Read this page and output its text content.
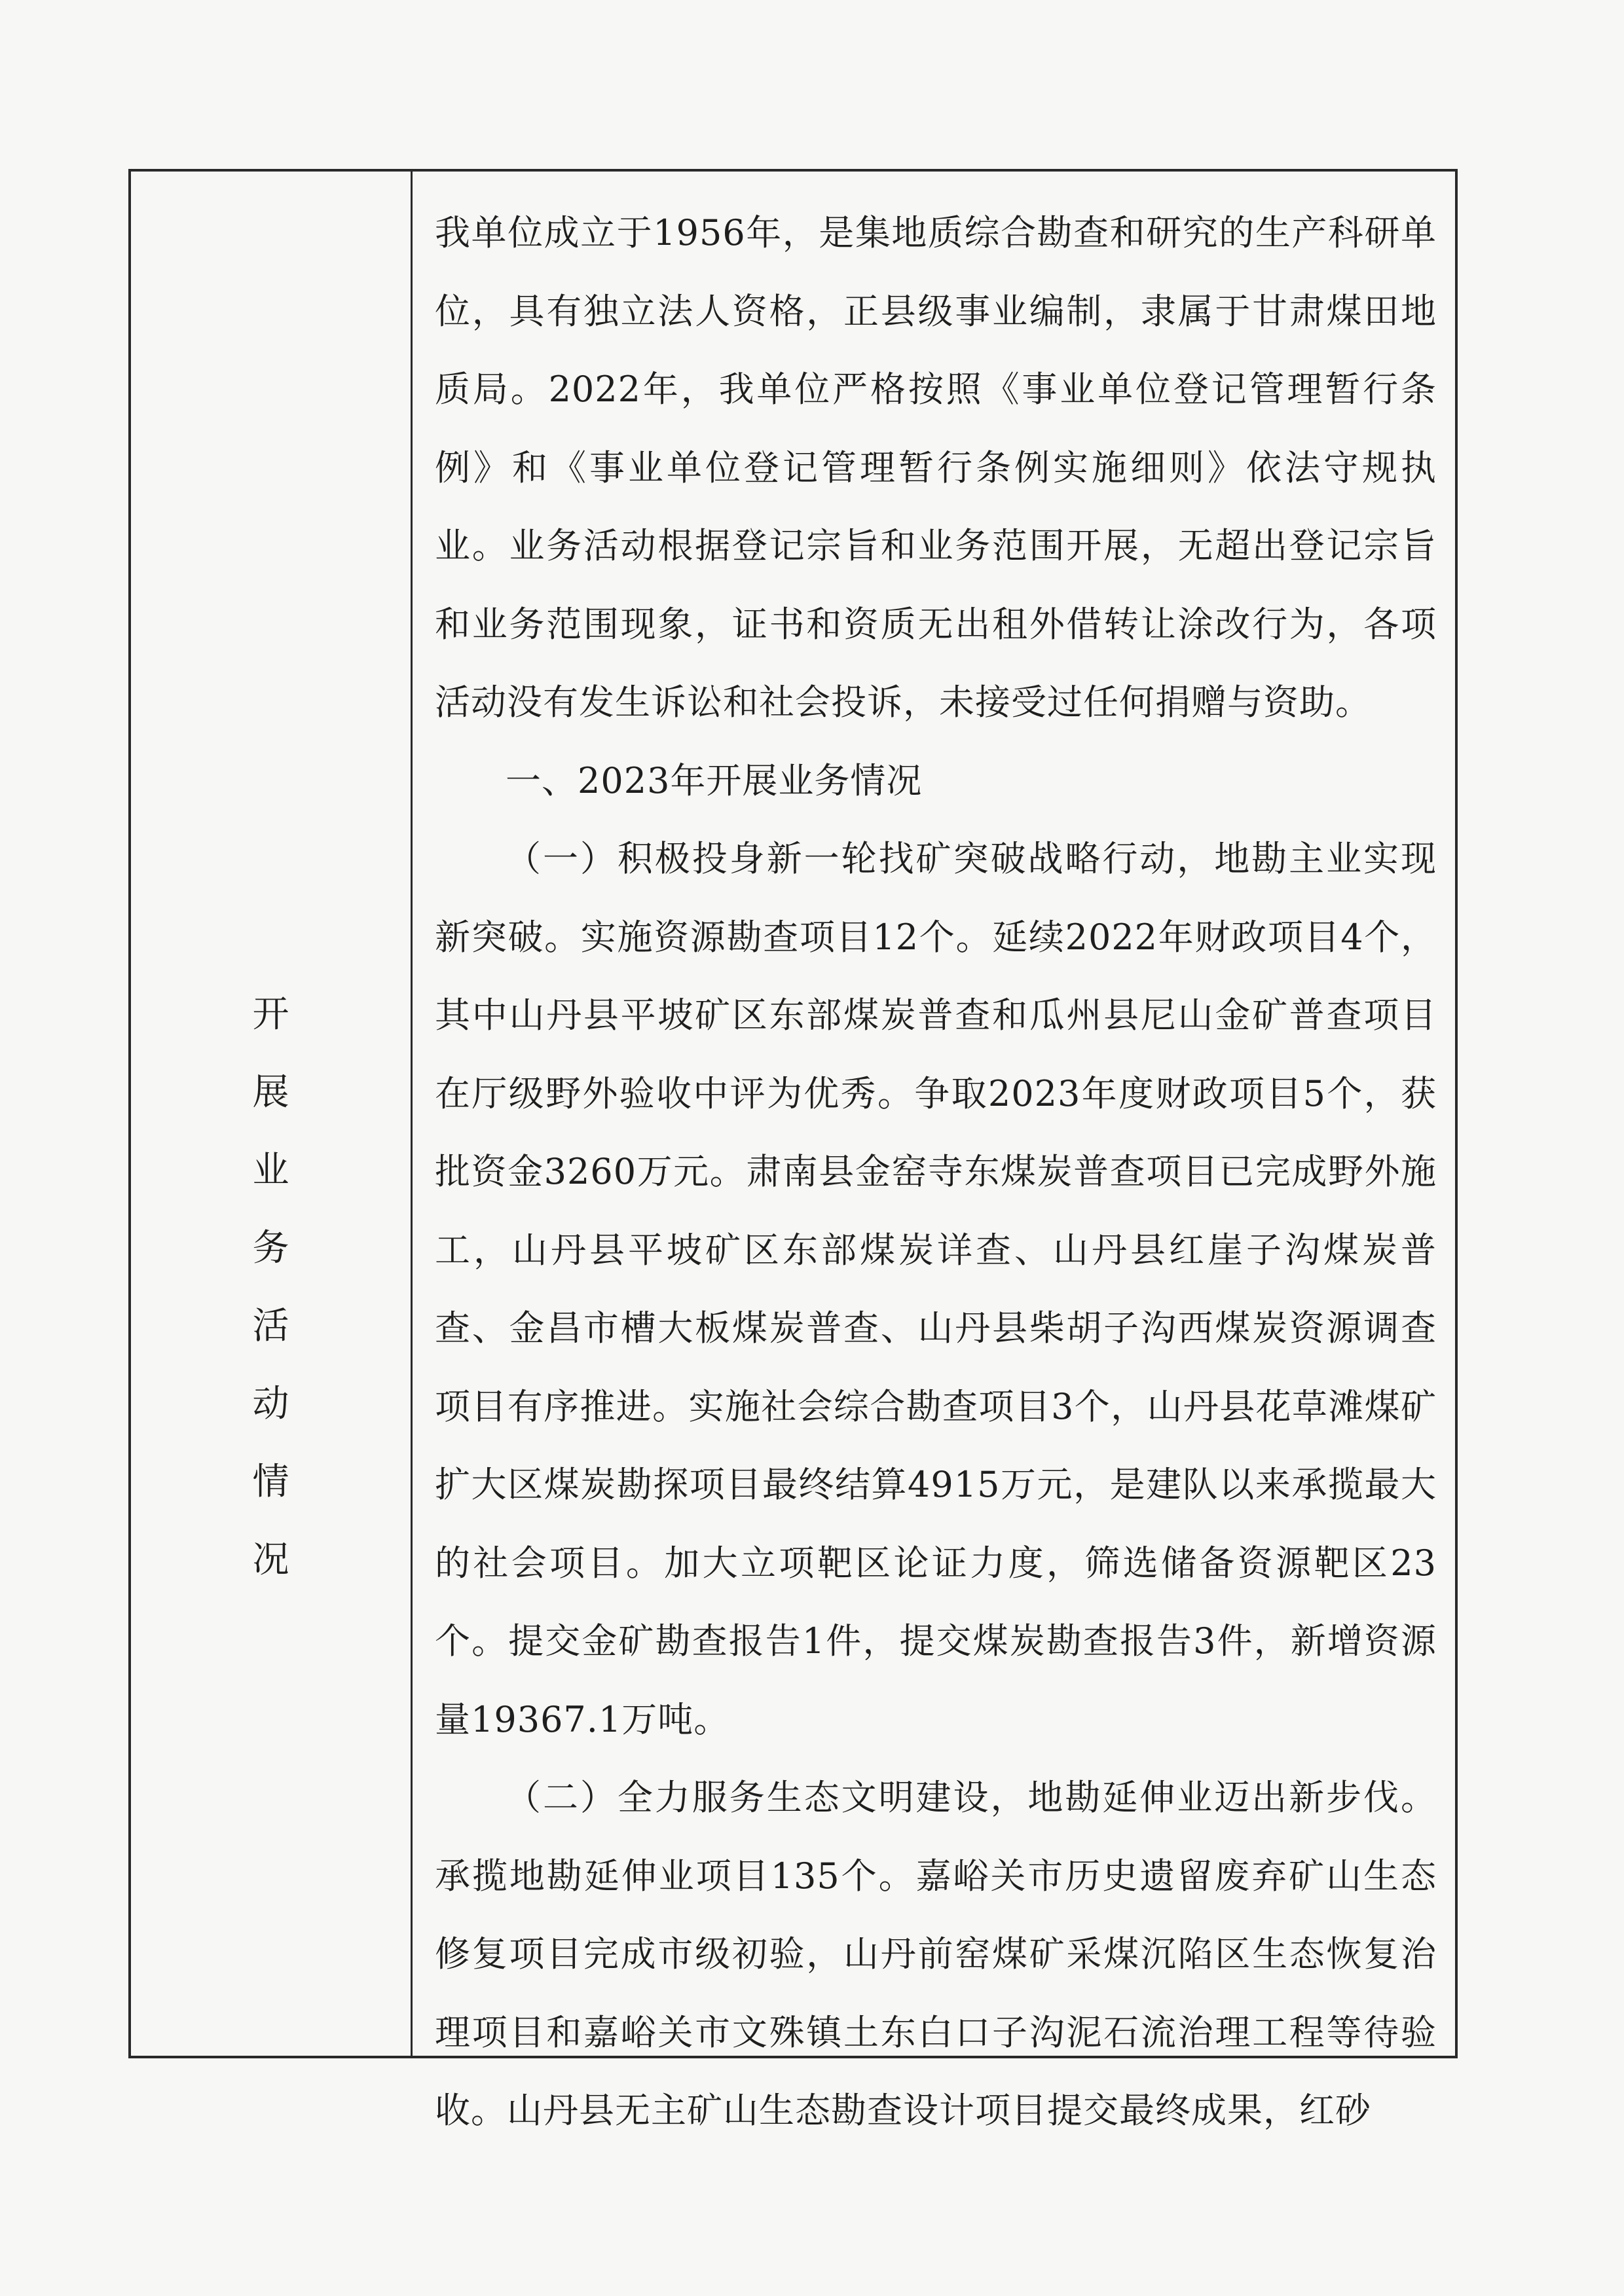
开
展
业
务
活
动
情
况

我单位成立于1956年，是集地质综合勘查和研究的生产科研单位，具有独立法人资格，正县级事业编制，隶属于甘肃煤田地质局。2022年，我单位严格按照《事业单位登记管理暂行条例》和《事业单位登记管理暂行条例实施细则》依法守规执业。业务活动根据登记宗旨和业务范围开展，无超出登记宗旨和业务范围现象，证书和资质无出租外借转让涂改行为，各项活动没有发生诉讼和社会投诉，未接受过任何捐赠与资助。

一、2023年开展业务情况

（一）积极投身新一轮找矿突破战略行动，地勘主业实现新突破。实施资源勘查项目12个。延续2022年财政项目4个，其中山丹县平坡矿区东部煤炭普查和瓜州县尼山金矿普查项目在厅级野外验收中评为优秀。争取2023年度财政项目5个，获批资金3260万元。肃南县金窑寺东煤炭普查项目已完成野外施工，山丹县平坡矿区东部煤炭详查、山丹县红崖子沟煤炭普查、金昌市槽大板煤炭普查、山丹县柴胡子沟西煤炭资源调查项目有序推进。实施社会综合勘查项目3个，山丹县花草滩煤矿扩大区煤炭勘探项目最终结算4915万元，是建队以来承揽最大的社会项目。加大立项靶区论证力度，筛选储备资源靶区23个。提交金矿勘查报告1件，提交煤炭勘查报告3件，新增资源量19367.1万吨。

（二）全力服务生态文明建设，地勘延伸业迈出新步伐。承揽地勘延伸业项目135个。嘉峪关市历史遗留废弃矿山生态修复项目完成市级初验，山丹前窑煤矿采煤沉陷区生态恢复治理项目和嘉峪关市文殊镇土东白口子沟泥石流治理工程等待验收。山丹县无主矿山生态勘查设计项目提交最终成果，红砂
